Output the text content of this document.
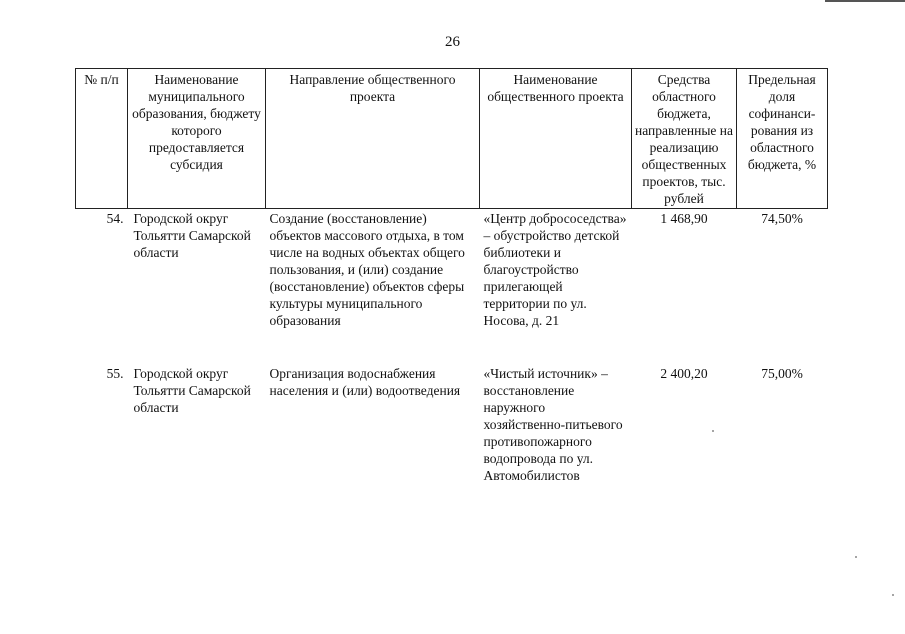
26
№ п/п	Наименование муниципального образования, бюджету которого предоставляется субсидия	Направление общественного проекта	Наименование общественного проекта	Средства областного бюджета, направленные на реализацию общественных проектов, тыс. рублей	Предельная доля софинанси-рования из областного бюджета, %
54.	Городской округ Тольятти Самарской области	Создание (восстановление) объектов массового отдыха, в том числе на водных объектах общего пользования, и (или) создание (восстановление) объектов сферы культуры муниципального образования	«Центр добрососедства» – обустройство детской библиотеки и благоустройство прилегающей территории по ул. Носова, д. 21	1 468,90	74,50%
55.	Городской округ Тольятти Самарской области	Организация водоснабжения населения и (или) водоотведения	«Чистый источник» – восстановление наружного хозяйственно-питьевого противопожарного водопровода по ул. Автомобилистов	2 400,20	75,00%
